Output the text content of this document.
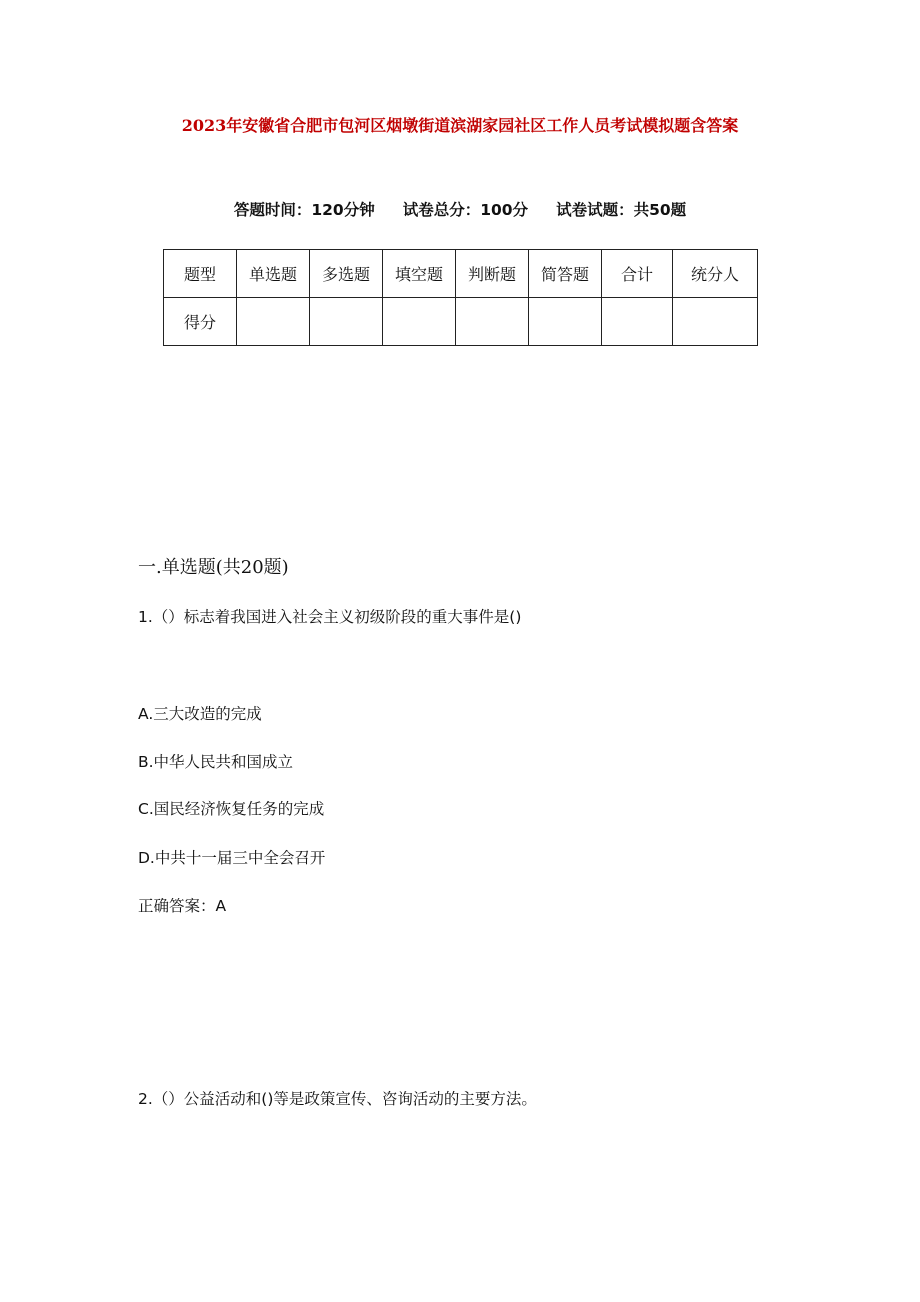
2023年安徽省合肥市包河区烟墩街道滨湖家园社区工作人员考试模拟题含答案
答题时间：120分钟 试卷总分：100分 试卷试题：共50题
题型	单选题	多选题	填空题	判断题	简答题	合计	统分人
得分							
一.单选题(共20题)
1.（）标志着我国进入社会主义初级阶段的重大事件是()
A.三大改造的完成
B.中华人民共和国成立
C.国民经济恢复任务的完成
D.中共十一届三中全会召开
正确答案：A
2.（）公益活动和()等是政策宣传、咨询活动的主要方法。
